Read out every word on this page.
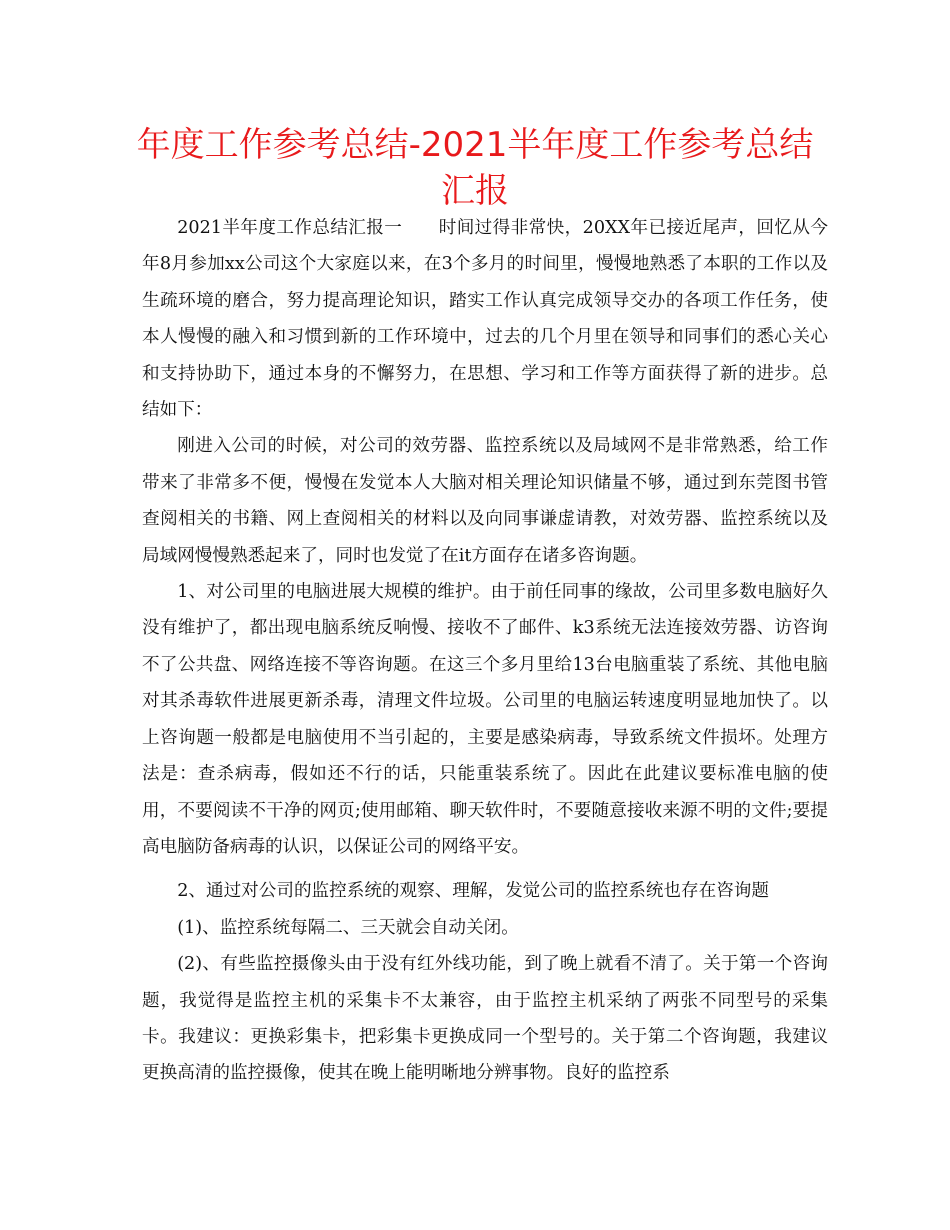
年度工作参考总结-2021半年度工作参考总结汇报

2021半年度工作总结汇报一 时间过得非常快，20XX年已接近尾声，回忆从今年8月参加xx公司这个大家庭以来，在3个多月的时间里，慢慢地熟悉了本职的工作以及生疏环境的磨合，努力提高理论知识，踏实工作认真完成领导交办的各项工作任务，使本人慢慢的融入和习惯到新的工作环境中，过去的几个月里在领导和同事们的悉心关心和支持协助下，通过本身的不懈努力，在思想、学习和工作等方面获得了新的进步。总结如下：

刚进入公司的时候，对公司的效劳器、监控系统以及局域网不是非常熟悉，给工作带来了非常多不便，慢慢在发觉本人大脑对相关理论知识储量不够，通过到东莞图书管查阅相关的书籍、网上查阅相关的材料以及向同事谦虚请教，对效劳器、监控系统以及局域网慢慢熟悉起来了，同时也发觉了在it方面存在诸多咨询题。

1、对公司里的电脑进展大规模的维护。由于前任同事的缘故，公司里多数电脑好久没有维护了，都出现电脑系统反响慢、接收不了邮件、k3系统无法连接效劳器、访咨询不了公共盘、网络连接不等咨询题。在这三个多月里给13台电脑重装了系统、其他电脑对其杀毒软件进展更新杀毒，清理文件垃圾。公司里的电脑运转速度明显地加快了。以上咨询题一般都是电脑使用不当引起的，主要是感染病毒，导致系统文件损坏。处理方法是：查杀病毒，假如还不行的话，只能重装系统了。因此在此建议要标准电脑的使用，不要阅读不干净的网页;使用邮箱、聊天软件时，不要随意接收来源不明的文件;要提高电脑防备病毒的认识，以保证公司的网络平安。

2、通过对公司的监控系统的观察、理解，发觉公司的监控系统也存在咨询题

(1)、监控系统每隔二、三天就会自动关闭。

(2)、有些监控摄像头由于没有红外线功能，到了晚上就看不清了。关于第一个咨询题，我觉得是监控主机的采集卡不太兼容，由于监控主机采纳了两张不同型号的采集卡。我建议：更换彩集卡，把彩集卡更换成同一个型号的。关于第二个咨询题，我建议更换高清的监控摄像，使其在晚上能明晰地分辨事物。良好的监控系
